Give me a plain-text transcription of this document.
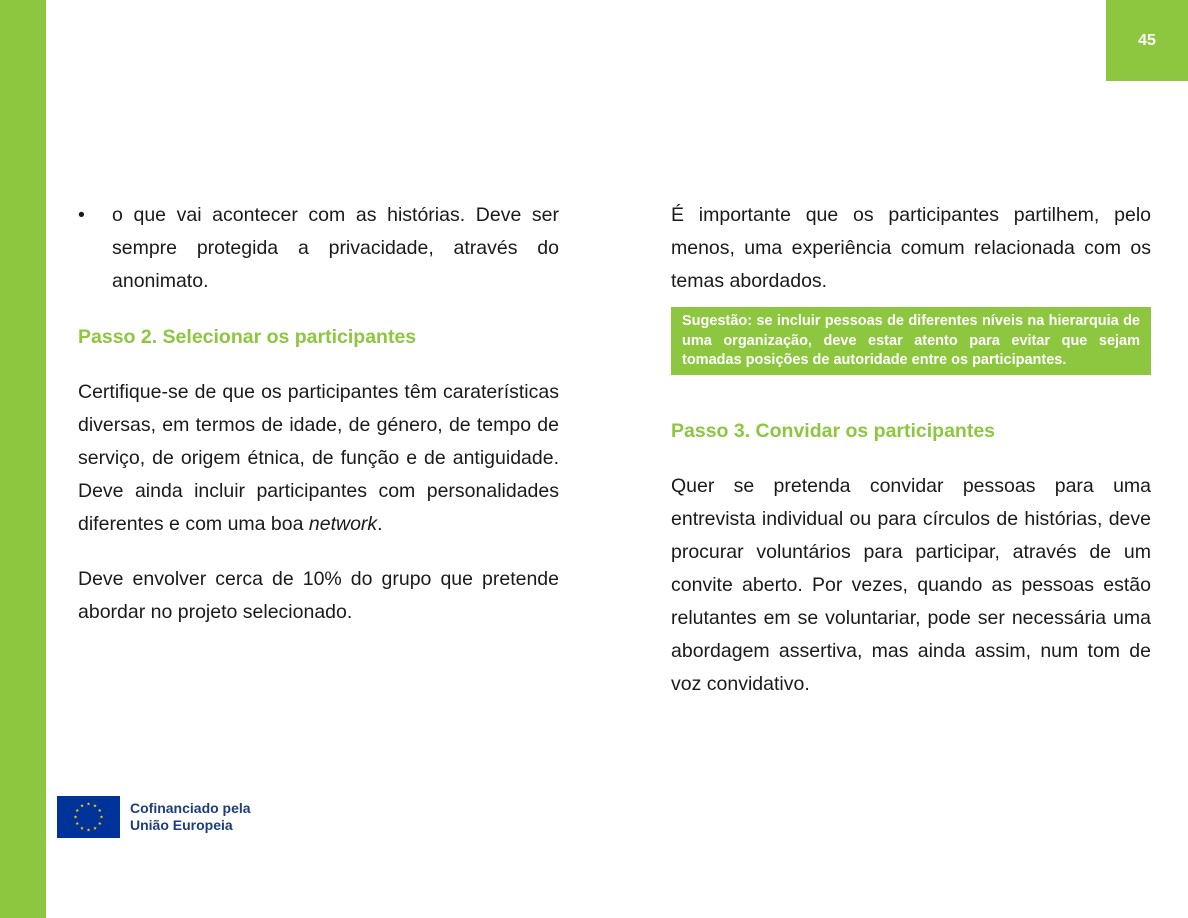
45
•	o que vai acontecer com as histórias. Deve ser sempre protegida a privacidade, através do anonimato.
Passo 2. Selecionar os participantes

Certifique-se de que os participantes têm caraterísticas diversas, em termos de idade, de género, de tempo de serviço, de origem étnica, de função e de antiguidade. Deve ainda incluir participantes com personalidades diferentes e com uma boa network.

Deve envolver cerca de 10% do grupo que pretende abordar no projeto selecionado.

É importante que os participantes partilhem, pelo menos, uma experiência comum relacionada com os temas abordados.

Sugestão: se incluir pessoas de diferentes níveis na hierarquia de uma organização, deve estar atento para evitar que sejam tomadas posições de autoridade entre os participantes.
Passo 3. Convidar os participantes

Quer se pretenda convidar pessoas para uma entrevista individual ou para círculos de histórias, deve procurar voluntários para participar, através de um convite aberto. Por vezes, quando as pessoas estão relutantes em se voluntariar, pode ser necessária uma abordagem assertiva, mas ainda assim, num tom de voz convidativo.

Cofinanciado pela
União Europeia
